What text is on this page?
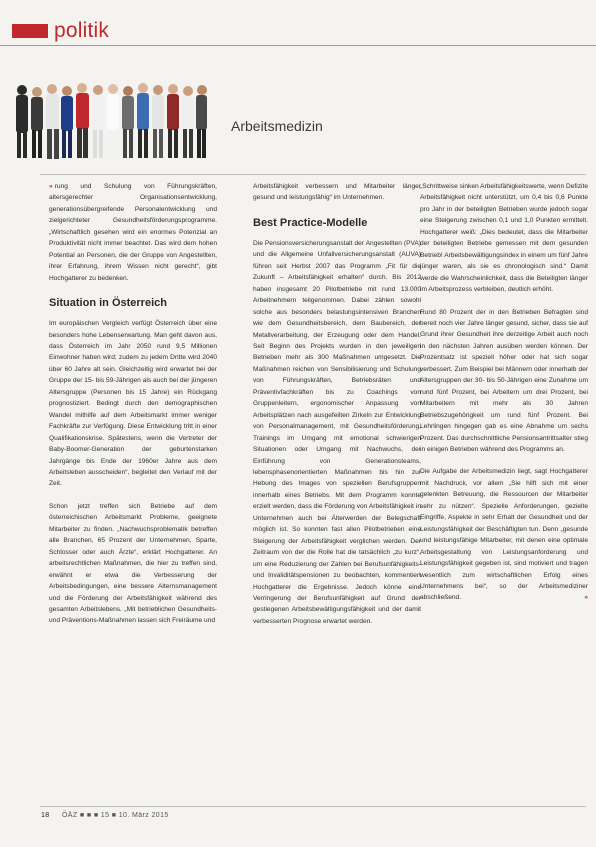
politik
Arbeitsmedizin

» rung und Schulung von Führungskräften, altersgerechter Organisationsentwicklung, generationsübergreifende Personalentwicklung und zielgerichteter Gesundheitsförderungsprogramme. „Wirtschaftlich gesehen wird ein enormes Potenzial an Produktivität nicht immer beachtet. Das wird dem hohen Potential an Personen, die der Gruppe von Angestellten, ihrer Erfahrung, ihrem Wissen nicht gerecht“, gibt Hochgatterer zu bedenken.

Situation in Österreich

Im europäischen Vergleich verfügt Österreich über eine besonders hohe Lebenserwartung. Man geht davon aus, dass Österreich im Jahr 2050 rund 9,5 Millionen Einwohner haben wird; zudem zu jedem Dritte wird 2040 über 60 Jahre alt sein. Gleichzeitig wird erwartet bei der Gruppe der 15- bis 59-Jährigen als auch bei der jüngeren Altersgruppe (Personen bis 15 Jahre) ein Rückgang prognostiziert. Bedingt durch den demographischen Wandel mithilfe auf dem Arbeitsmarkt immer weniger Fachkräfte zur Verfügung. Diese Entwicklung tritt in einer Qualifikationskrise. Spätestens, wenn die Vertreter der Baby-Boomer-Generation der geburtenstarken Jahrgänge bis Ende der 1960er Jahre aus dem Arbeitsleben ausscheiden“, begleitet den Verlauf mit der Zeit.

Schon jetzt treffen sich Betriebe auf dem österreichischen Arbeitsmarkt Probleme, geeignete Mitarbeiter zu finden. „Nachwuchsproblematik betreffen alle Branchen, 65 Prozent der Unternehmen, Sparte, Schlosser oder auch Ärzte“, erklärt Hochgatterer. An arbeitsrechtlichen Maßnahmen, die hier zu treffen sind, erwähnt er etwa die Verbesserung der Arbeitsbedingungen, eine bessere Alternsmanagement und die Förderung der Arbeitsfähigkeit während des gesamten Arbeitslebens. „Mit betrieblichen Gesundheits- und Präventions-Maßnahmen lassen sich Freiräume und

Arbeitsfähigkeit verbessern und Mitarbeiter länger gesund und leistungsfähig“ im Unternehmen.

Best Practice-Modelle

Die Pensionsversicherungsanstalt der Angestellten (PVA) und die Allgemeine Unfallversicherungsanstalt (AUVA) führen seit Herbst 2007 das Programm „Fit für die Zukunft – Arbeitsfähigkeit erhalten“ durch. Bis 2012 haben insgesamt 20 Pilotbetriebe mit rund 13.000 Arbeitnehmern teilgenommen. Dabei zählen sowohl solche aus besonders belastungsintensiven Branchen wie dem Gesundheitsbereich, dem Baubereich, der Metallverarbeitung, der Erzeugung oder dem Handel. Seit Beginn des Projekts wurden in den jeweiligen Betrieben mehr als 300 Maßnahmen umgesetzt. Die Maßnahmen reichen von Sensibilisierung und Schulung von Führungskräften, Betriebsräten und Präventivfachkräften bis zu Coachings von Gruppenleitern, ergonomischer Anpassung von Arbeitsplätzen nach ausgefeilten Zirkeln zur Entwicklung von Personalmanagement, mit Gesundheitsförderung, Trainings im Umgang mit emotional schwierigen Situationen oder Umgang mit Nachwuchs, der Einführung von Generationsteams, lebensphasenorientierten Maßnahmen bis hin zur Hebung des Images von speziellen Berufsgruppen innerhalb eines Betriebs. Mit dem Programm konnte erzielt werden, dass die Förderung von Arbeitsfähigkeit in Unternehmen auch bei Älterwerden der Belegschaft möglich ist. So konnten fast allen Pilotbetrieben eine Steigerung der Arbeitsfähigkeit verglichen werden. Der Zeitraum von der die Rolle hat die tatsächlich „zu kurz“, um eine Reduzierung der Zahlen bei Berufsunfähigkeits- und Invaliditätspensionen zu beobachten, kommentiert Hochgatterer die Ergebnisse. Jedoch könne eine Verringerung der Berufsunfähigkeit auf Grund der gestiegenen Arbeitsbewältigungsfähigkeit und der damit verbesserten Prognose erwartet werden.

„Schrittweise sinken Arbeitsfähigkeitswerte, wenn Defizite Arbeitsfähigkeit nicht unterstützt, um 0,4 bis 0,6 Punkte pro Jahr in der beteiligten Betrieben wurde jedoch sogar eine Steigerung zwischen 0,1 und 1,0 Punkten ermittelt. Hochgatterer weiß: „Dies bedeutet, dass die Mitarbeiter der beteiligten Betriebe gemessen mit dem gesunden Betrieb! Arbeitsbewältigungsindex in einem um fünf Jahre jünger waren, als sie es chronologisch sind.“ Damit werde die Wahrscheinlichkeit, dass die Beteiligten länger im Arbeitsprozess verbleiben, deutlich erhöht.

Rund 80 Prozent der in den Betrieben Befragten sind bereit noch vier Jahre länger gesund, sicher, dass sie auf Grund ihrer Gesundheit ihre derzeitige Arbeit auch noch in den nächsten Jahren ausüben werden können. Der Prozentsatz ist speziell höher oder hat sich sogar verbessert. Zum Beispiel bei Männern oder innerhalb der Altersgruppen der 30- bis 50-Jährigen eine Zunahme um rund fünf Prozent, bei Arbeitern um drei Prozent, bei Mitarbeitern mit mehr als 30 Jahren Betriebszugehörigkeit um rund fünf Prozent. Bei Lehrlingen hingegen gab es eine Abnahme um sechs Prozent. Das durchschnittliche Pensionsantrittsalter stieg in einigen Betrieben während des Programms an.

Die Aufgabe der Arbeitsmedizin liegt, sagt Hochgatterer mit Nachdruck, vor allem „Sie hilft sich mit einer gelenkten Betreuung, die Ressourcen der Mitarbeiter sehr zu nützen“. Spezielle Anforderungen, gezielte Eingriffe, Aspekte in sehr Erhalt der Gesundheit und der Leistungsfähigkeit der Beschäftigten tun. Denn „gesunde und leistungsfähige Mitarbeiter, mit denen eine optimale Arbeitsgestaltung von Leistungsanforderung und Leistungsfähigkeit gegeben ist, sind motiviert und tragen wesentlich zum wirtschaftlichen Erfolg eines Unternehmens bei“, so der Arbeitsmediziner abschließend.	»

18 ÖÄZ ■ ■ ■ 15 ■ 10. März 2015
